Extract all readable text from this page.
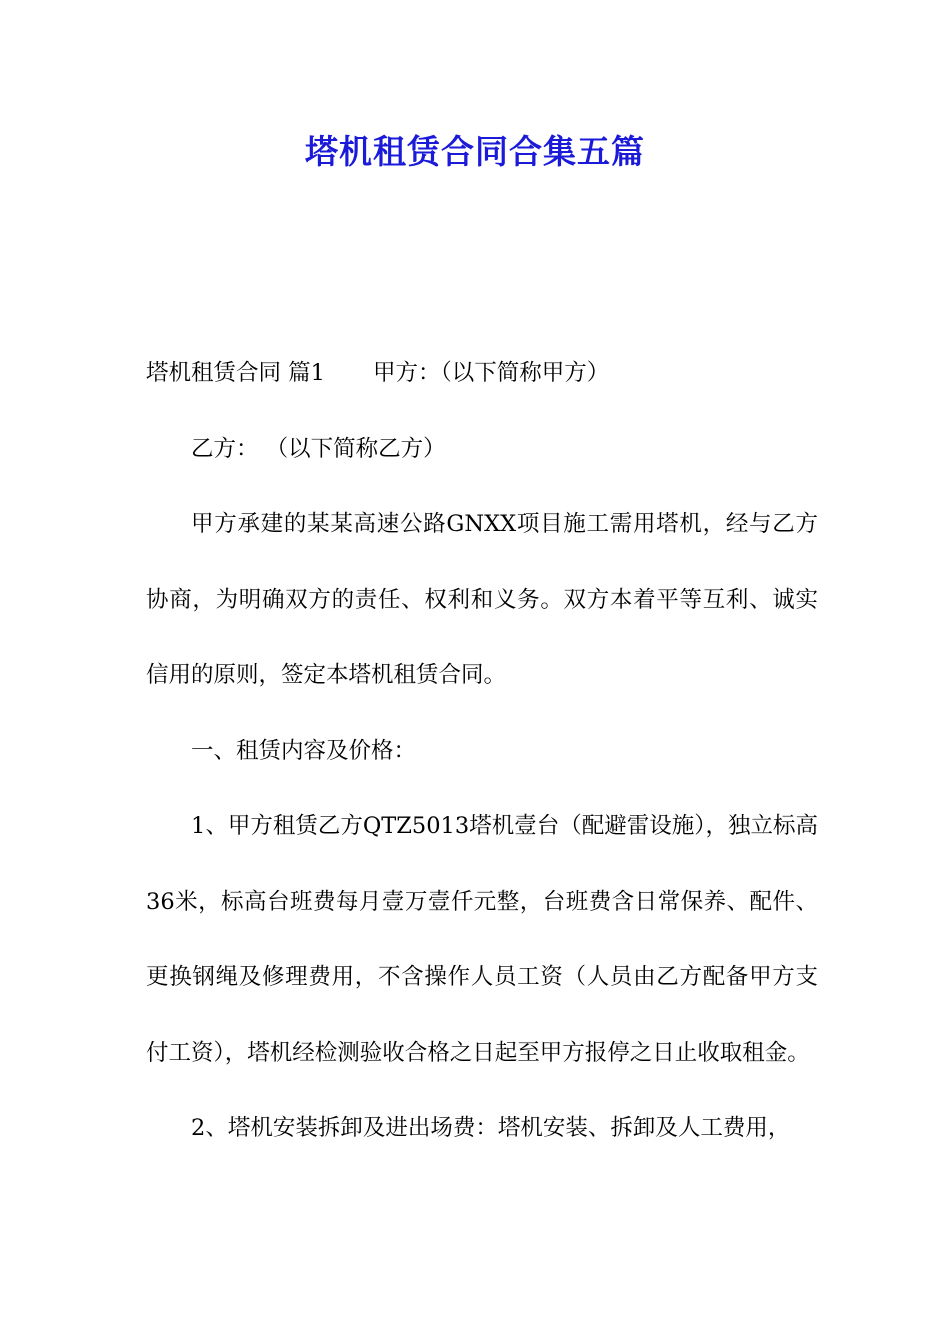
塔机租赁合同合集五篇
塔机租赁合同 篇1 甲方：（以下简称甲方）
乙方： （以下简称乙方）
甲方承建的某某高速公路GNXX项目施工需用塔机，经与乙方协商，为明确双方的责任、权利和义务。双方本着平等互利、诚实信用的原则，签定本塔机租赁合同。
一、租赁内容及价格：
1、甲方租赁乙方QTZ5013塔机壹台（配避雷设施），独立标高36米，标高台班费每月壹万壹仟元整，台班费含日常保养、配件、更换钢绳及修理费用，不含操作人员工资（人员由乙方配备甲方支付工资），塔机经检测验收合格之日起至甲方报停之日止收取租金。
2、塔机安装拆卸及进出场费：塔机安装、拆卸及人工费用，
